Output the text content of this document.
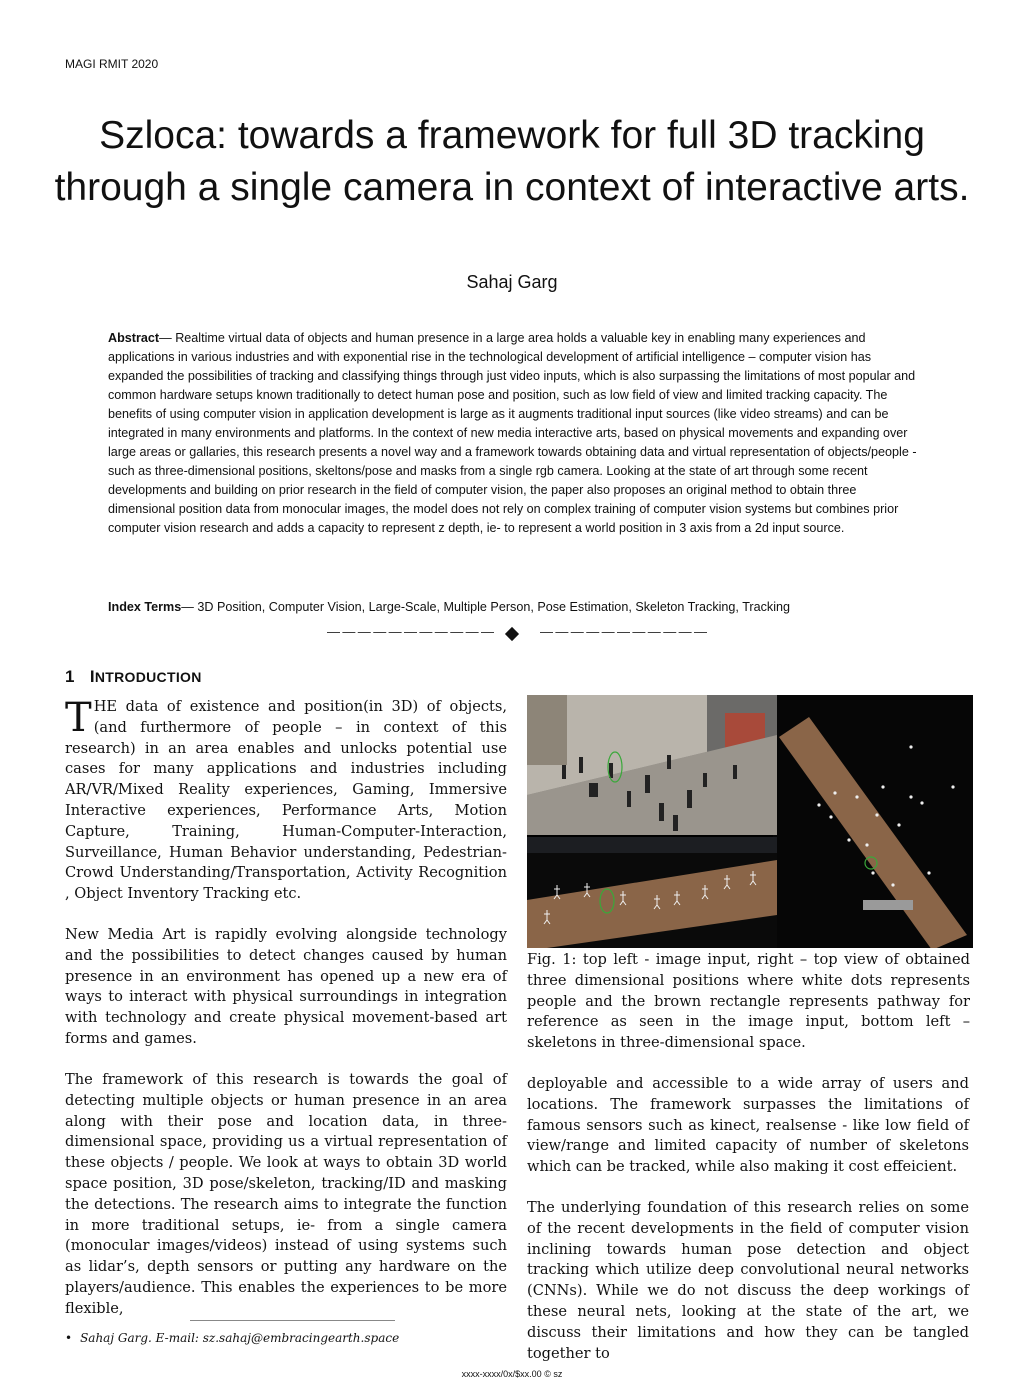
MAGI RMIT 2020
Szloca: towards a framework for full 3D tracking through a single camera in context of interactive arts.
Sahaj Garg

Abstract— Realtime virtual data of objects and human presence in a large area holds a valuable key in enabling many experiences and applications in various industries and with exponential rise in the technological development of artificial intelligence – computer vision has expanded the possibilities of tracking and classifying things through just video inputs, which is also surpassing the limitations of most popular and common hardware setups known traditionally to detect human pose and position, such as low field of view and limited tracking capacity. The benefits of using computer vision in application development is large as it augments traditional input sources (like video streams) and can be integrated in many environments and platforms. In the context of new media interactive arts, based on physical movements and expanding over large areas or gallaries, this research presents a novel way and a framework towards obtaining data and virtual representation of objects/people - such as three-dimensional positions, skeltons/pose and masks from a single rgb camera. Looking at the state of art through some recent developments and building on prior research in the field of computer vision, the paper also proposes an original method to obtain three dimensional position data from monocular images, the model does not rely on complex training of computer vision systems but combines prior computer vision research and adds a capacity to represent z depth, ie- to represent a world position in 3 axis from a 2d input source.

Index Terms— 3D Position, Computer Vision, Large-Scale, Multiple Person, Pose Estimation, Skeleton Tracking, Tracking

———————————	———————————
1 INTRODUCTION

THE data of existence and position(in 3D) of objects, (and furthermore of people – in context of this research) in an area enables and unlocks potential use cases for many applications and industries including AR/VR/Mixed Reality experiences, Gaming, Immersive Interactive experiences, Performance Arts, Motion Capture, Training, Human-Computer-Interaction, Surveillance, Human Behavior understanding, Pedestrian- Crowd Understanding/Transportation, Activity Recognition , Object Inventory Tracking etc.

New Media Art is rapidly evolving alongside technology and the possibilities to detect changes caused by human presence in an environment has opened up a new era of ways to interact with physical surroundings in integration with technology and create physical movement-based art forms and games.

The framework of this research is towards the goal of detecting multiple objects or human presence in an area along with their pose and location data, in three-dimensional space, providing us a virtual representation of these objects / people. We look at ways to obtain 3D world space position, 3D pose/skeleton, tracking/ID and masking the detections. The research aims to integrate the function in more traditional setups, ie- from a single camera (monocular images/videos) instead of using systems such as lidar’s, depth sensors or putting any hardware on the players/audience. This enables the experiences to be more flexible,

Fig. 1: top left - image input, right – top view of obtained three dimensional positions where white dots represents people and the brown rectangle represents pathway for reference as seen in the image input, bottom left – skeletons in three-dimensional space.

deployable and accessible to a wide array of users and locations. The framework surpasses the limitations of famous sensors such as kinect, realsense - like low field of view/range and limited capacity of number of skeletons which can be tracked, while also making it cost effeicient.

The underlying foundation of this research relies on some of the recent developments in the field of computer vision inclining towards human pose detection and object tracking which utilize deep convolutional neural networks (CNNs). While we do not discuss the deep workings of these neural nets, looking at the state of the art, we discuss their limitations and how they can be tangled together to

• Sahaj Garg. E-mail: sz.sahaj@embracingearth.space
xxxx-xxxx/0x/$xx.00 © sz
